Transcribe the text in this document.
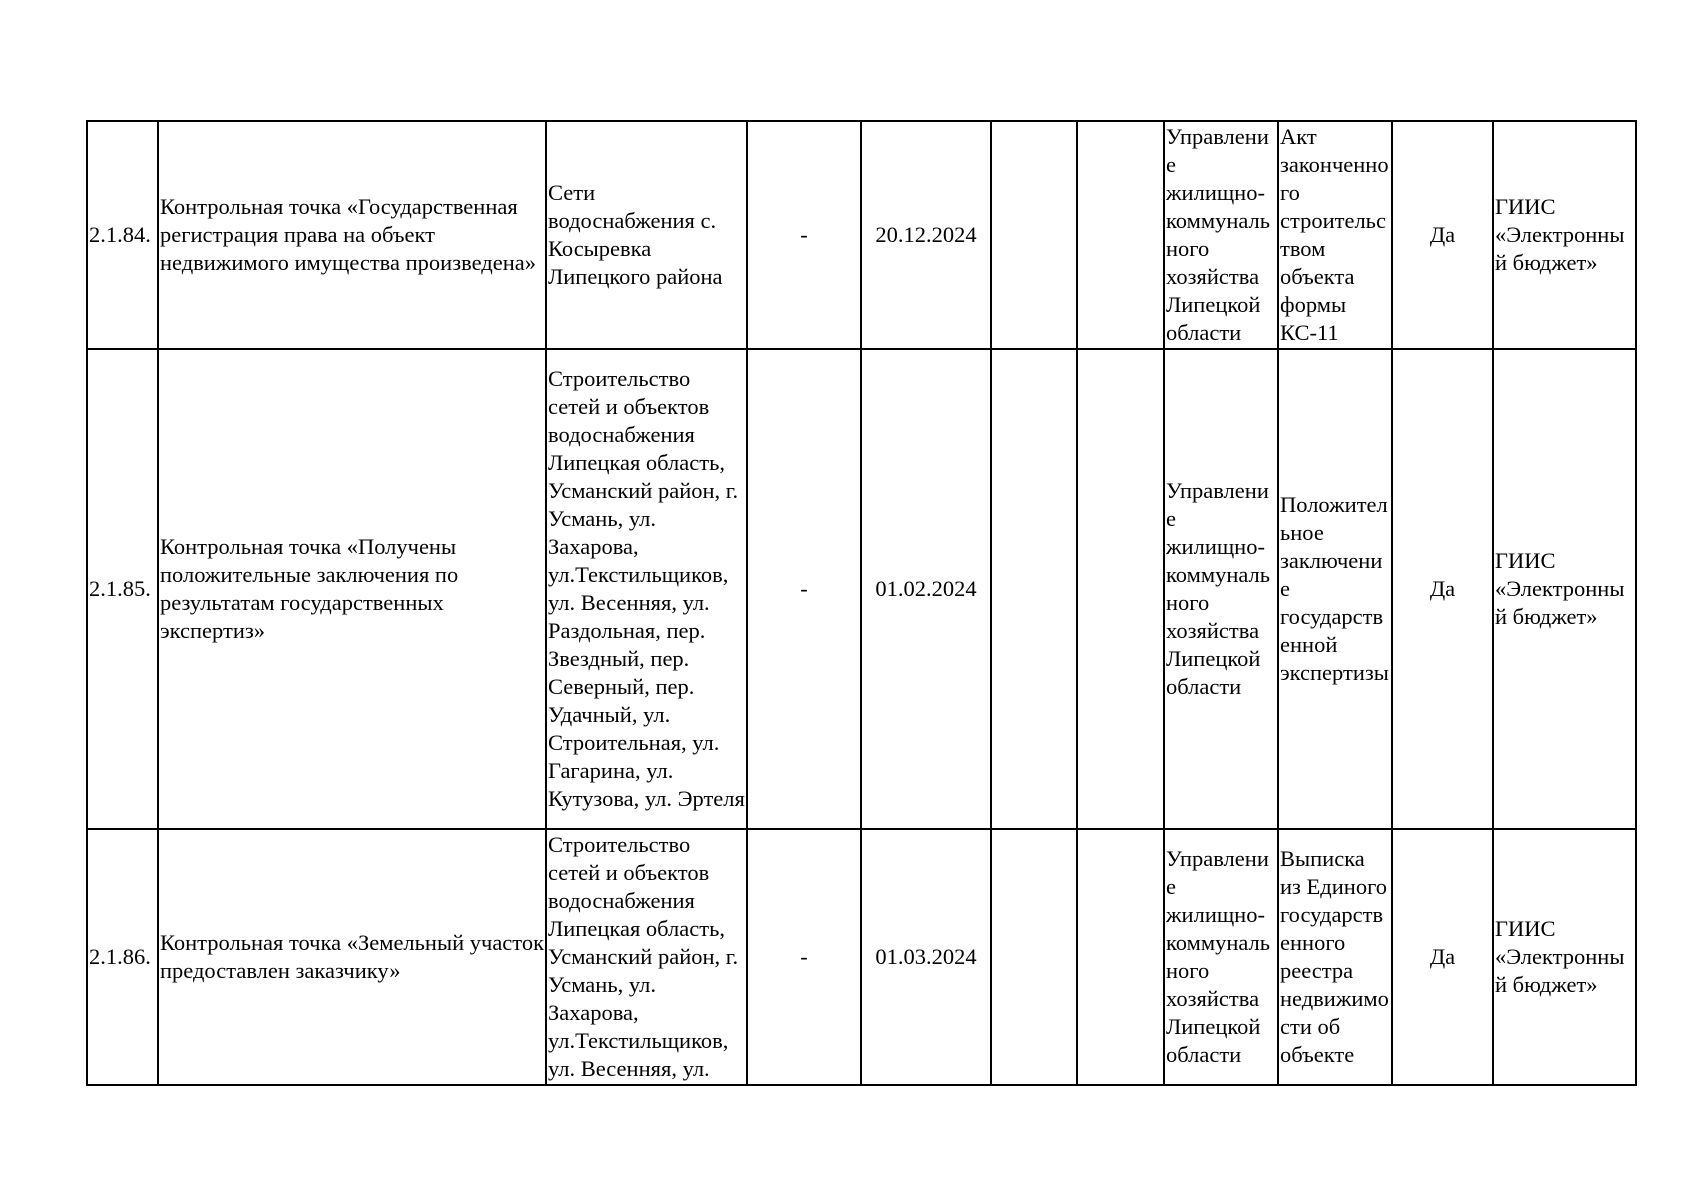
2.1.84.	Контрольная точка «Государственная регистрация права на объект недвижимого имущества произведена»	Сети водоснабжения с. Косыревка Липецкого района	-	20.12.2024			Управление жилищно-коммунального хозяйства Липецкой области	Акт законченного строительством объекта формы КС-11	Да	ГИИС «Электронный бюджет»
2.1.85.	Контрольная точка «Получены положительные заключения по результатам государственных экспертиз»	Строительство сетей и объектов водоснабжения Липецкая область, Усманский район, г. Усмань, ул. Захарова, ул.Текстильщиков, ул. Весенняя, ул. Раздольная, пер. Звездный, пер. Северный, пер. Удачный, ул. Строительная, ул. Гагарина, ул. Кутузова, ул. Эртеля	-	01.02.2024			Управление жилищно-коммунального хозяйства Липецкой области	Положительное заключение государственной экспертизы	Да	ГИИС «Электронный бюджет»
2.1.86.	Контрольная точка «Земельный участок предоставлен заказчику»	Строительство сетей и объектов водоснабжения Липецкая область, Усманский район, г. Усмань, ул. Захарова, ул.Текстильщиков, ул. Весенняя, ул.	-	01.03.2024			Управление жилищно-коммунального хозяйства Липецкой области	Выписка из Единого государственного реестра недвижимости об объекте	Да	ГИИС «Электронный бюджет»
